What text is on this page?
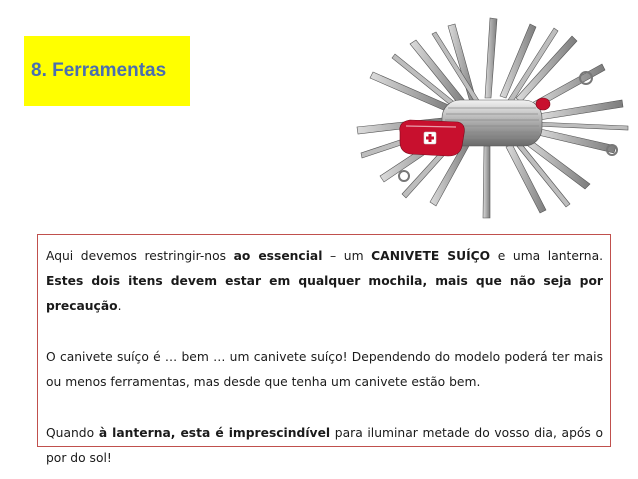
8. Ferramentas

Aqui devemos restringir-nos ao essencial – um CANIVETE SUÍÇO e uma lanterna. Estes dois itens devem estar em qualquer mochila, mais que não seja por precaução.

O canivete suíço é … bem … um canivete suíço! Dependendo do modelo poderá ter mais ou menos ferramentas, mas desde que tenha um canivete estão bem.

Quando à lanterna, esta é imprescindível para iluminar metade do vosso dia, após o por do sol!
